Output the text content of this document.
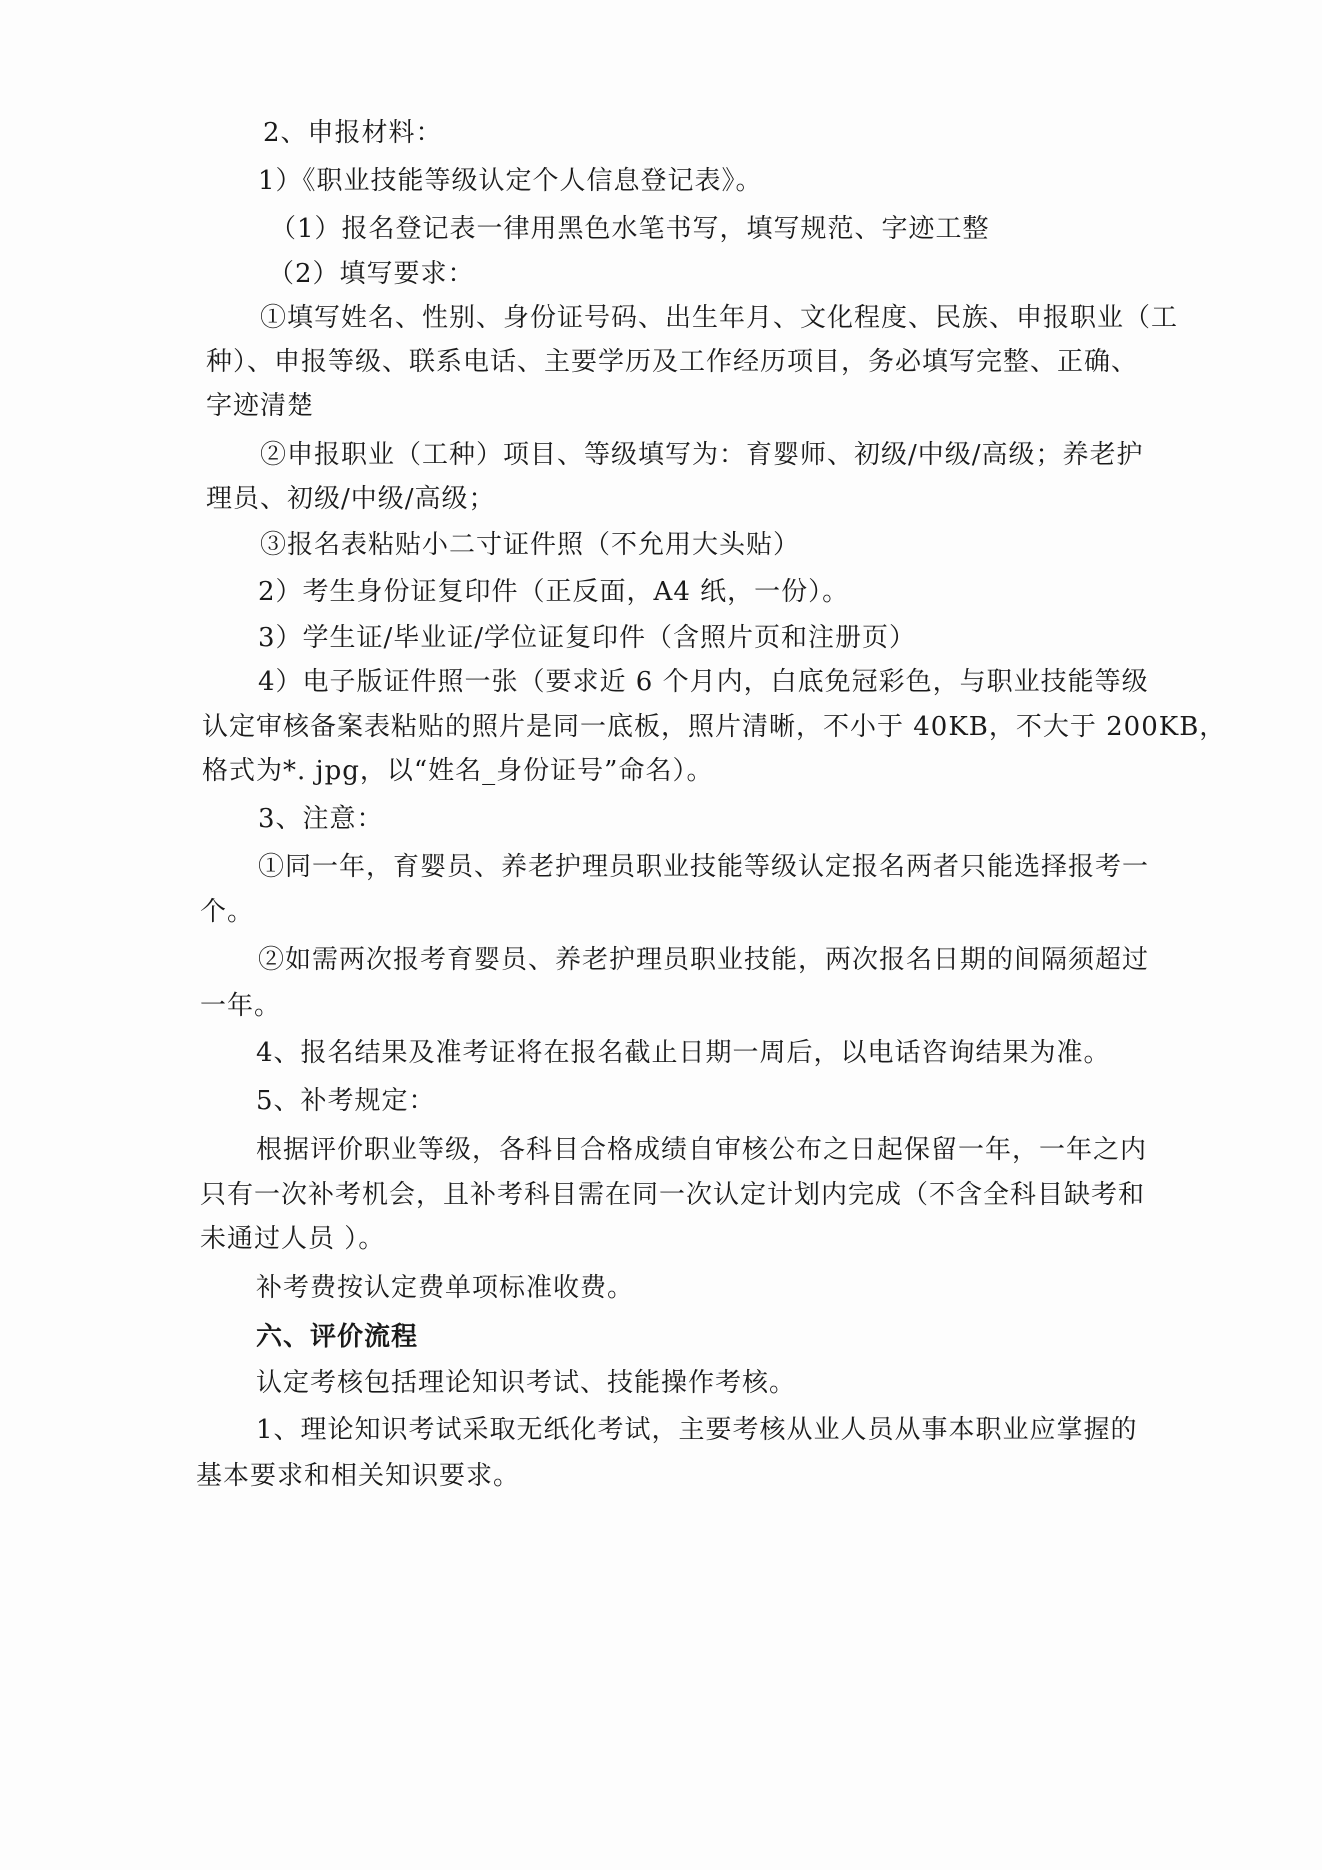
2、申报材料：
1）《职业技能等级认定个人信息登记表》。
（1）报名登记表一律用黑色水笔书写，填写规范、字迹工整
（2）填写要求：
①填写姓名、性别、身份证号码、出生年月、文化程度、民族、申报职业（工
种）、申报等级、联系电话、主要学历及工作经历项目，务必填写完整、正确、
字迹清楚
②申报职业（工种）项目、等级填写为：育婴师、初级/中级/高级；养老护
理员、初级/中级/高级；
③报名表粘贴小二寸证件照（不允用大头贴）
2）考生身份证复印件（正反面，A4 纸，一份）。
3）学生证/毕业证/学位证复印件（含照片页和注册页）
4）电子版证件照一张（要求近 6 个月内，白底免冠彩色，与职业技能等级
认定审核备案表粘贴的照片是同一底板，照片清晰，不小于 40KB，不大于 200KB，
格式为*. jpg，以“姓名_身份证号”命名）。
3、注意：
①同一年，育婴员、养老护理员职业技能等级认定报名两者只能选择报考一
个。
②如需两次报考育婴员、养老护理员职业技能，两次报名日期的间隔须超过
一年。
4、报名结果及准考证将在报名截止日期一周后，以电话咨询结果为准。
5、补考规定：
根据评价职业等级，各科目合格成绩自审核公布之日起保留一年，一年之内
只有一次补考机会，且补考科目需在同一次认定计划内完成（不含全科目缺考和
未通过人员 ）。
补考费按认定费单项标准收费。
六、评价流程
认定考核包括理论知识考试、技能操作考核。
1、理论知识考试采取无纸化考试，主要考核从业人员从事本职业应掌握的
基本要求和相关知识要求。
